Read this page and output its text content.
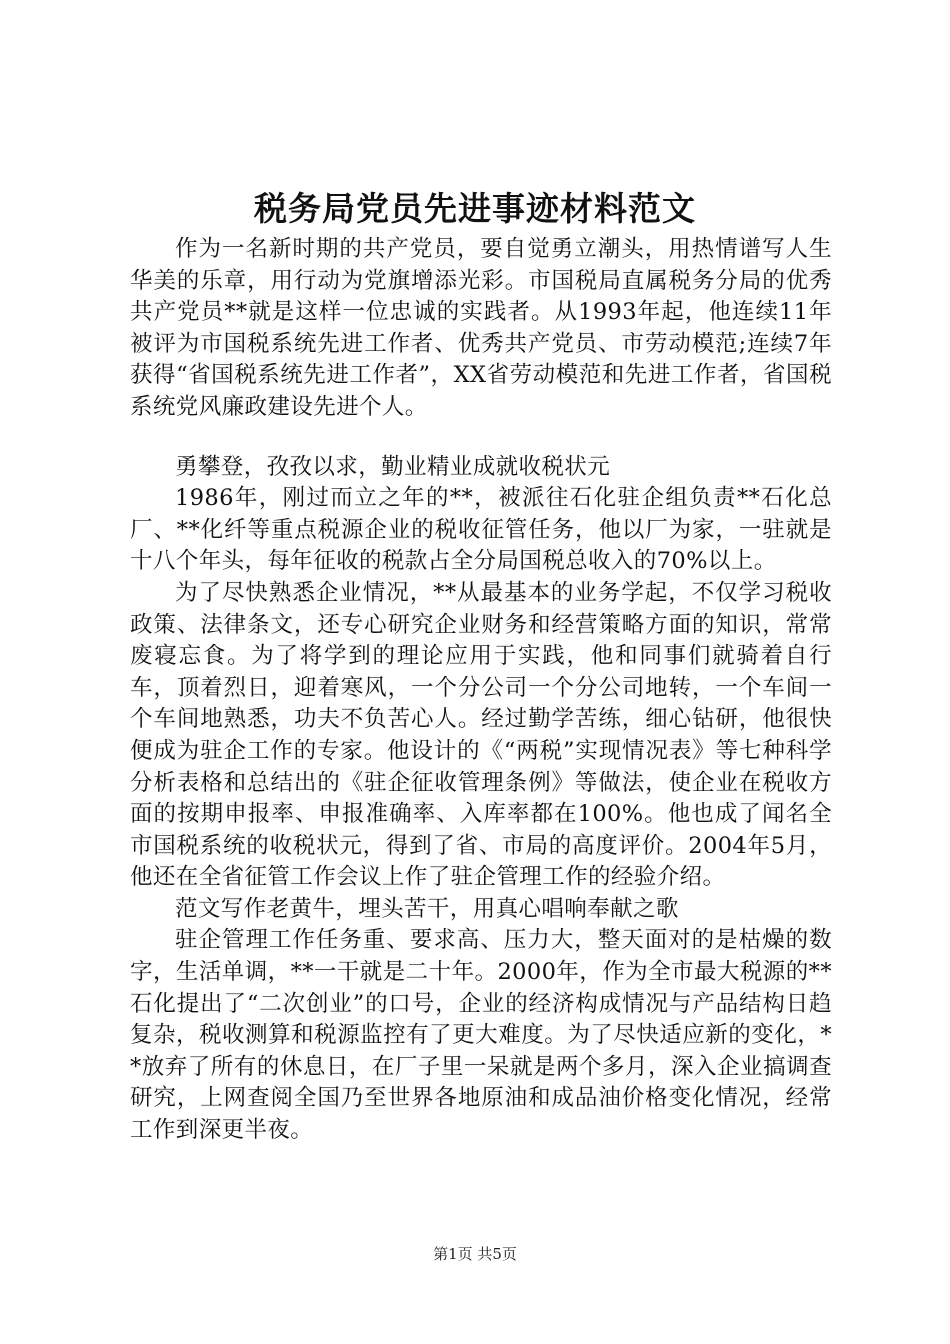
税务局党员先进事迹材料范文

作为一名新时期的共产党员，要自觉勇立潮头，用热情谱写人生华美的乐章，用行动为党旗增添光彩。市国税局直属税务分局的优秀共产党员**就是这样一位忠诚的实践者。从1993年起，他连续11年被评为市国税系统先进工作者、优秀共产党员、市劳动模范;连续7年获得“省国税系统先进工作者”，XX省劳动模范和先进工作者，省国税系统党风廉政建设先进个人。

勇攀登，孜孜以求，勤业精业成就收税状元

1986年，刚过而立之年的**，被派往石化驻企组负责**石化总厂、**化纤等重点税源企业的税收征管任务，他以厂为家，一驻就是十八个年头，每年征收的税款占全分局国税总收入的70%以上。

为了尽快熟悉企业情况，**从最基本的业务学起，不仅学习税收政策、法律条文，还专心研究企业财务和经营策略方面的知识，常常废寝忘食。为了将学到的理论应用于实践，他和同事们就骑着自行车，顶着烈日，迎着寒风，一个分公司一个分公司地转，一个车间一个车间地熟悉，功夫不负苦心人。经过勤学苦练，细心钻研，他很快便成为驻企工作的专家。他设计的《“两税”实现情况表》等七种科学分析表格和总结出的《驻企征收管理条例》等做法，使企业在税收方面的按期申报率、申报准确率、入库率都在100%。他也成了闻名全市国税系统的收税状元，得到了省、市局的高度评价。2004年5月，他还在全省征管工作会议上作了驻企管理工作的经验介绍。

范文写作老黄牛，埋头苦干，用真心唱响奉献之歌

驻企管理工作任务重、要求高、压力大，整天面对的是枯燥的数字，生活单调，**一干就是二十年。2000年，作为全市最大税源的**石化提出了“二次创业”的口号，企业的经济构成情况与产品结构日趋复杂，税收测算和税源监控有了更大难度。为了尽快适应新的变化，**放弃了所有的休息日，在厂子里一呆就是两个多月，深入企业搞调查研究，上网查阅全国乃至世界各地原油和成品油价格变化情况，经常工作到深更半夜。

第1页 共5页
